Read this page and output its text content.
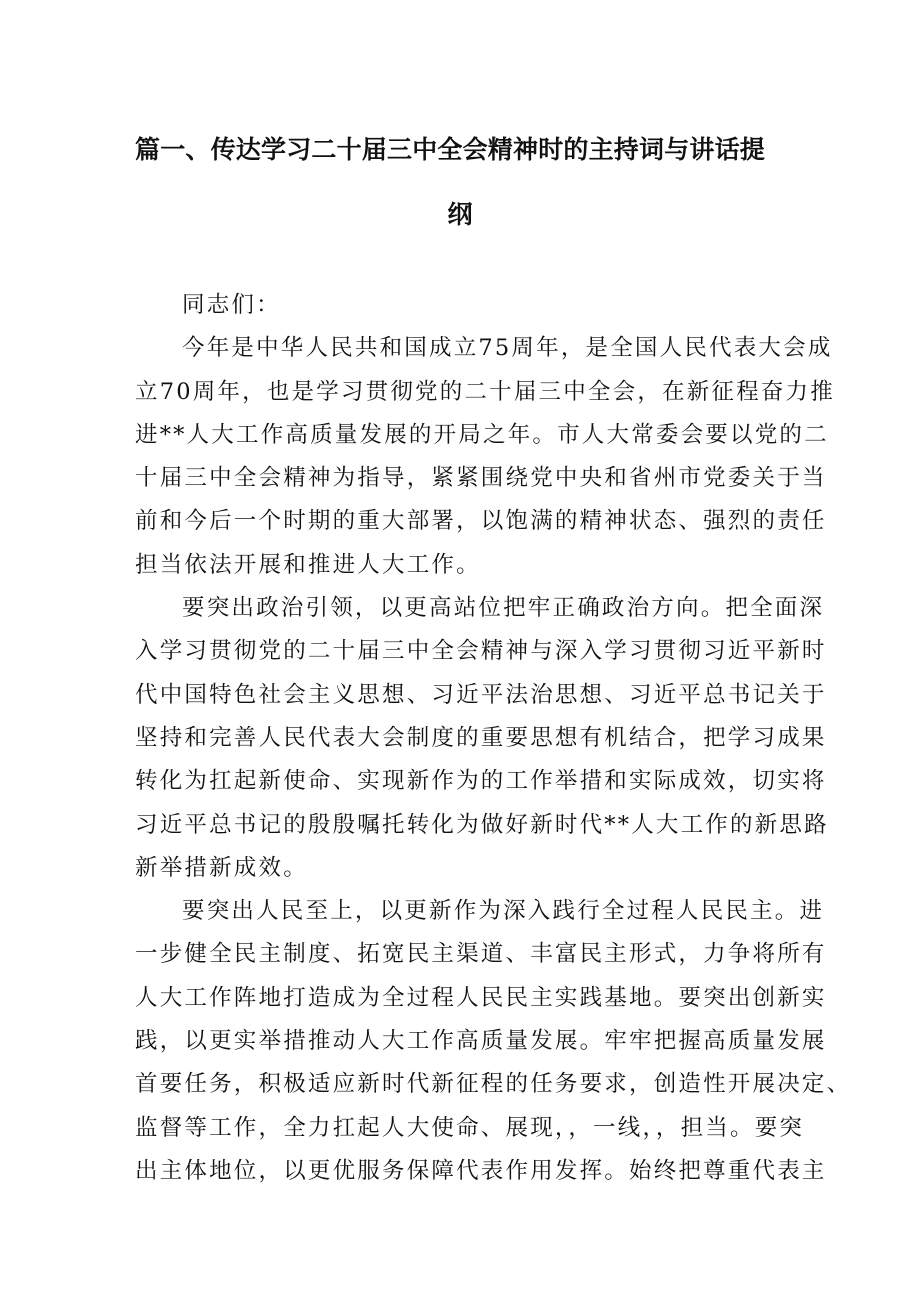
篇一、传达学习二十届三中全会精神时的主持词与讲话提
纲
同志们：
今年是中华人民共和国成立75周年，是全国人民代表大会成
立70周年，也是学习贯彻党的二十届三中全会，在新征程奋力推
进**人大工作高质量发展的开局之年。市人大常委会要以党的二
十届三中全会精神为指导，紧紧围绕党中央和省州市党委关于当
前和今后一个时期的重大部署，以饱满的精神状态、强烈的责任
担当依法开展和推进人大工作。
要突出政治引领，以更高站位把牢正确政治方向。把全面深
入学习贯彻党的二十届三中全会精神与深入学习贯彻习近平新时
代中国特色社会主义思想、习近平法治思想、习近平总书记关于
坚持和完善人民代表大会制度的重要思想有机结合，把学习成果
转化为扛起新使命、实现新作为的工作举措和实际成效，切实将
习近平总书记的殷殷嘱托转化为做好新时代**人大工作的新思路
新举措新成效。
要突出人民至上，以更新作为深入践行全过程人民民主。进
一步健全民主制度、拓宽民主渠道、丰富民主形式，力争将所有
人大工作阵地打造成为全过程人民民主实践基地。要突出创新实
践，以更实举措推动人大工作高质量发展。牢牢把握高质量发展
首要任务，积极适应新时代新征程的任务要求，创造性开展决定、
监督等工作，全力扛起人大使命、展现，，一线，，担当。要突
出主体地位，以更优服务保障代表作用发挥。始终把尊重代表主
